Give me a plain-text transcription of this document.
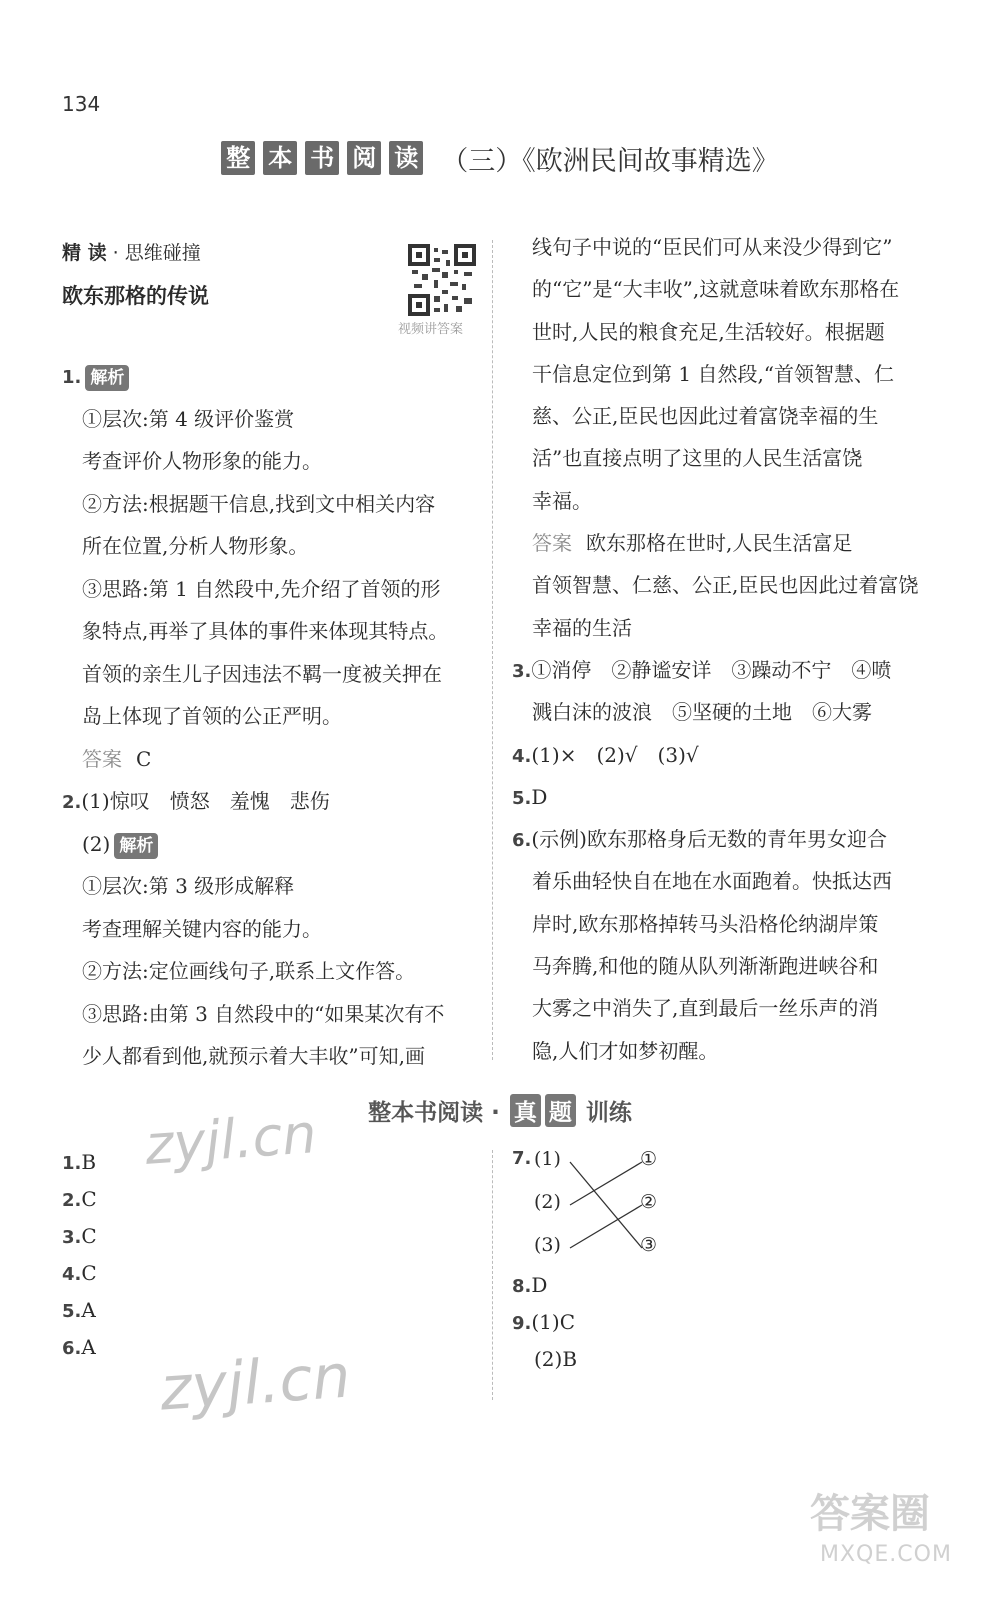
134
整 本 书 阅 读 （三）《欧洲民间故事精选》
精 读 · 思维碰撞
欧东那格的传说
视频讲答案
1. 解析
①层次:第 4 级评价鉴赏
考查评价人物形象的能力。
②方法:根据题干信息,找到文中相关内容
所在位置,分析人物形象。
③思路:第 1 自然段中,先介绍了首领的形
象特点,再举了具体的事件来体现其特点。
首领的亲生儿子因违法不羁一度被关押在
岛上体现了首领的公正严明。
答案 C
2.(1)惊叹　愤怒　羞愧　悲伤
(2) 解析
①层次:第 3 级形成解释
考查理解关键内容的能力。
②方法:定位画线句子,联系上文作答。
③思路:由第 3 自然段中的“如果某次有不
少人都看到他,就预示着大丰收”可知,画
线句子中说的“臣民们可从来没少得到它”
的“它”是“大丰收”,这就意味着欧东那格在
世时,人民的粮食充足,生活较好。根据题
干信息定位到第 1 自然段,“首领智慧、仁
慈、公正,臣民也因此过着富饶幸福的生
活”也直接点明了这里的人民生活富饶
幸福。
答案 欧东那格在世时,人民生活富足
首领智慧、仁慈、公正,臣民也因此过着富饶
幸福的生活
3.①消停　②静谧安详　③躁动不宁　④喷
溅白沫的波浪　⑤坚硬的土地　⑥大雾
4.(1)×　(2)√　(3)√
5.D
6.(示例)欧东那格身后无数的青年男女迎合
着乐曲轻快自在地在水面跑着。快抵达西
岸时,欧东那格掉转马头沿格伦纳湖岸策
马奔腾,和他的随从队列渐渐跑进峡谷和
大雾之中消失了,直到最后一丝乐声的消
隐,人们才如梦初醒。
整本书阅读 · 真 题 训练
1.B
2.C
3.C
4.C
5.A
6.A
7. (1)
(2)
(3)
①
②
③
8.D
9.(1)C
(2)B
zyjl.cn
zyjl.cn
答案圈
MXQE.COM
